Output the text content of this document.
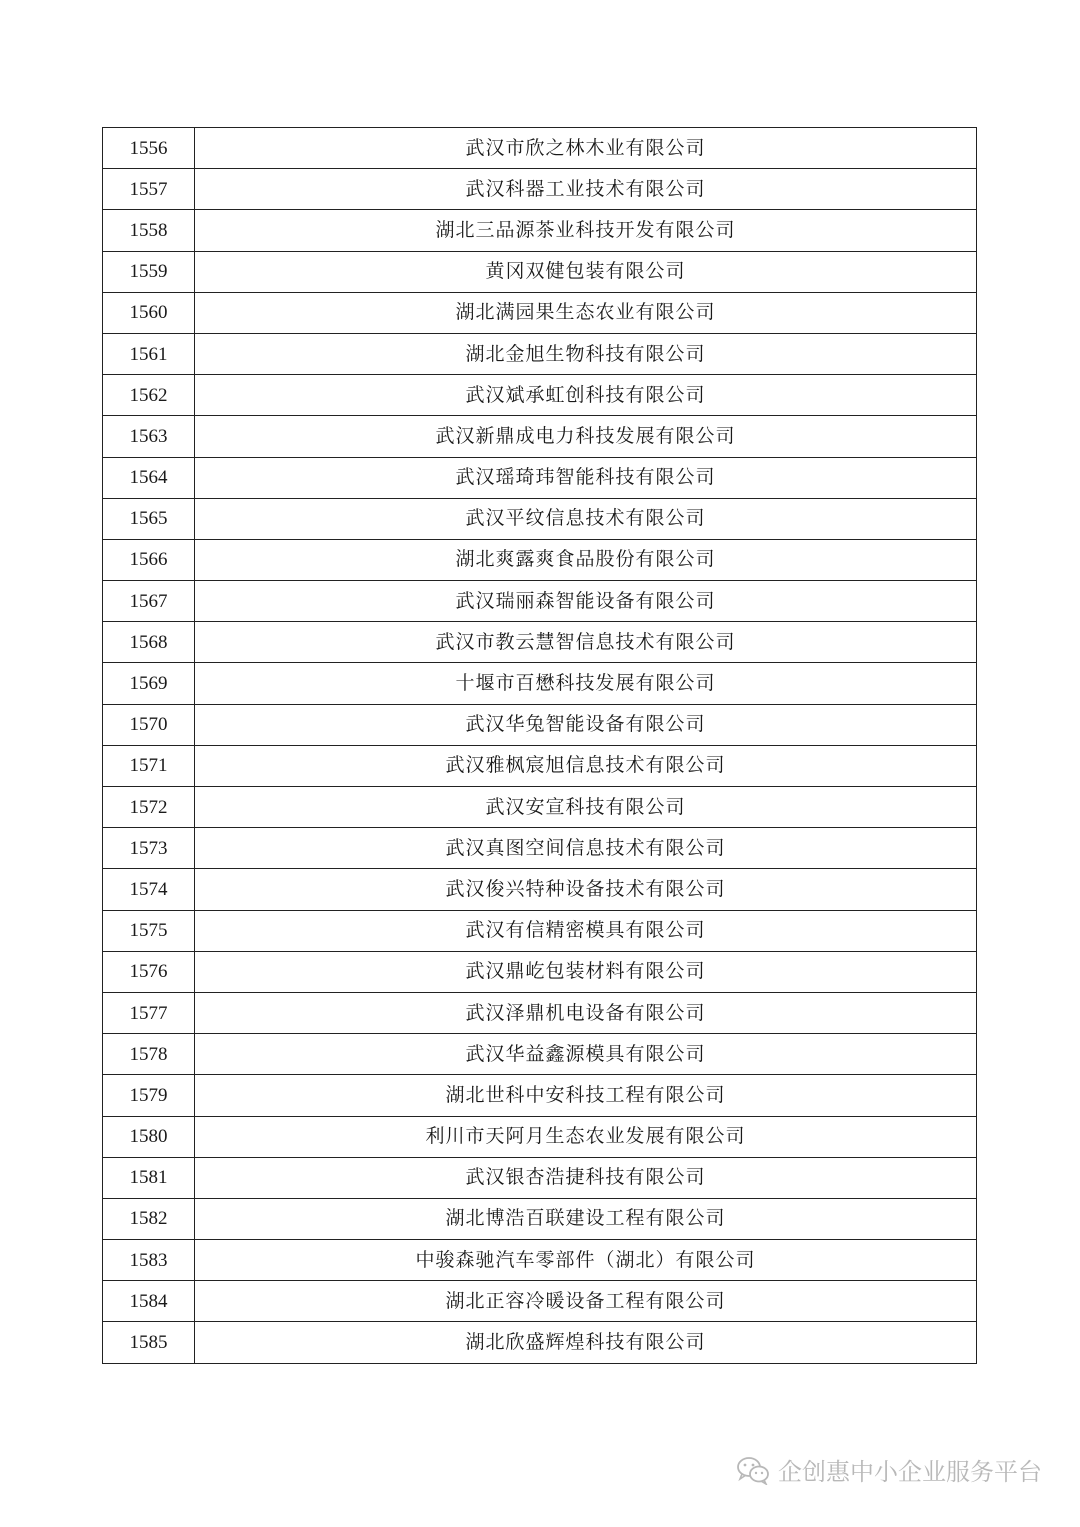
1556	武汉市欣之林木业有限公司
1557	武汉科器工业技术有限公司
1558	湖北三品源茶业科技开发有限公司
1559	黄冈双健包装有限公司
1560	湖北满园果生态农业有限公司
1561	湖北金旭生物科技有限公司
1562	武汉斌承虹创科技有限公司
1563	武汉新鼎成电力科技发展有限公司
1564	武汉瑶琦玮智能科技有限公司
1565	武汉平纹信息技术有限公司
1566	湖北爽露爽食品股份有限公司
1567	武汉瑞丽森智能设备有限公司
1568	武汉市教云慧智信息技术有限公司
1569	十堰市百懋科技发展有限公司
1570	武汉华兔智能设备有限公司
1571	武汉雅枫宸旭信息技术有限公司
1572	武汉安宣科技有限公司
1573	武汉真图空间信息技术有限公司
1574	武汉俊兴特种设备技术有限公司
1575	武汉有信精密模具有限公司
1576	武汉鼎屹包装材料有限公司
1577	武汉泽鼎机电设备有限公司
1578	武汉华益鑫源模具有限公司
1579	湖北世科中安科技工程有限公司
1580	利川市天阿月生态农业发展有限公司
1581	武汉银杏浩捷科技有限公司
1582	湖北博浩百联建设工程有限公司
1583	中骏森驰汽车零部件（湖北）有限公司
1584	湖北正容冷暖设备工程有限公司
1585	湖北欣盛辉煌科技有限公司
企创惠中小企业服务平台
